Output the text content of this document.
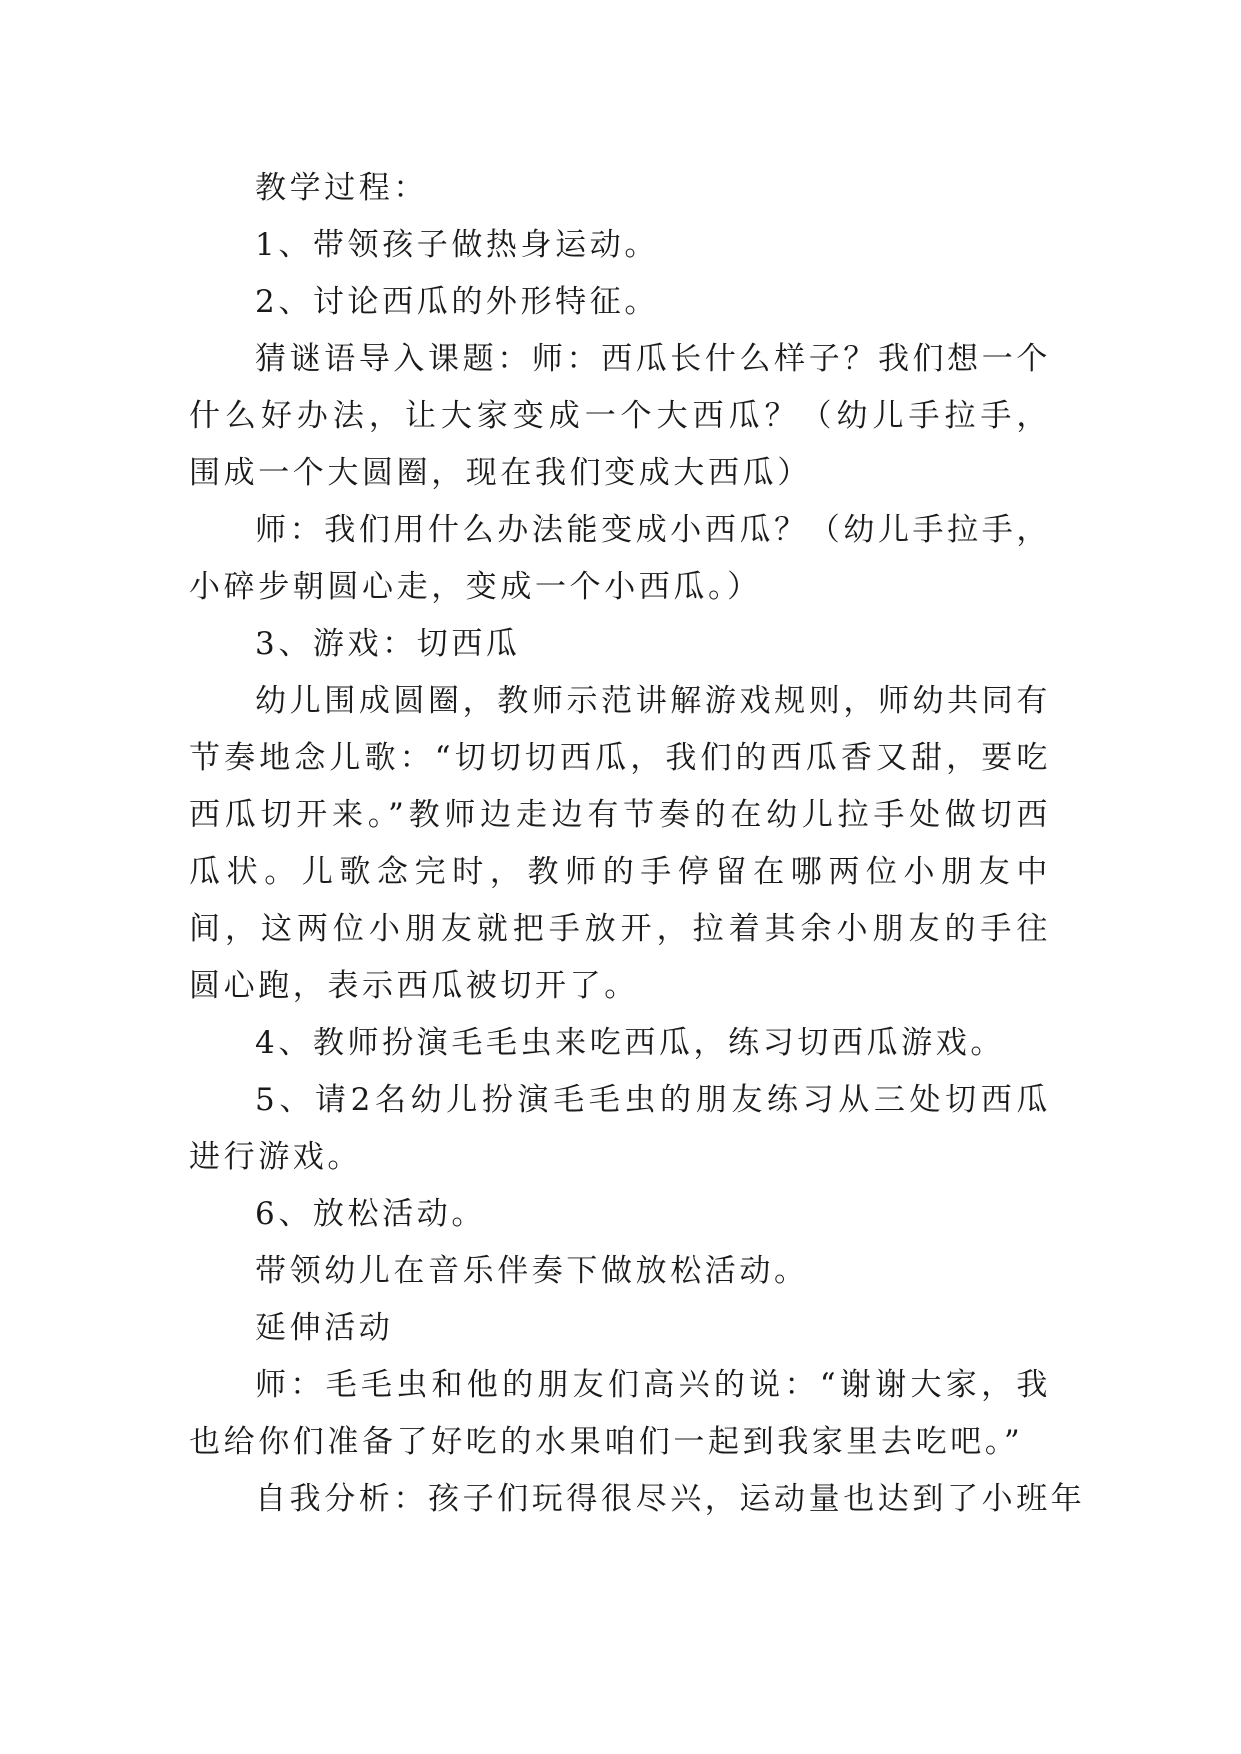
教学过程：

1、带领孩子做热身运动。

2、讨论西瓜的外形特征。

猜谜语导入课题：师：西瓜长什么样子？我们想一个什么好办法，让大家变成一个大西瓜？（幼儿手拉手，围成一个大圆圈，现在我们变成大西瓜）

师：我们用什么办法能变成小西瓜？（幼儿手拉手，小碎步朝圆心走，变成一个小西瓜。）

3、游戏：切西瓜

幼儿围成圆圈，教师示范讲解游戏规则，师幼共同有节奏地念儿歌：“切切切西瓜，我们的西瓜香又甜，要吃西瓜切开来。”教师边走边有节奏的在幼儿拉手处做切西瓜状。儿歌念完时，教师的手停留在哪两位小朋友中间，这两位小朋友就把手放开，拉着其余小朋友的手往圆心跑，表示西瓜被切开了。

4、教师扮演毛毛虫来吃西瓜，练习切西瓜游戏。

5、请2名幼儿扮演毛毛虫的朋友练习从三处切西瓜进行游戏。

6、放松活动。

带领幼儿在音乐伴奏下做放松活动。

延伸活动

师：毛毛虫和他的朋友们高兴的说：“谢谢大家，我也给你们准备了好吃的水果咱们一起到我家里去吃吧。”

自我分析：孩子们玩得很尽兴，运动量也达到了小班年
